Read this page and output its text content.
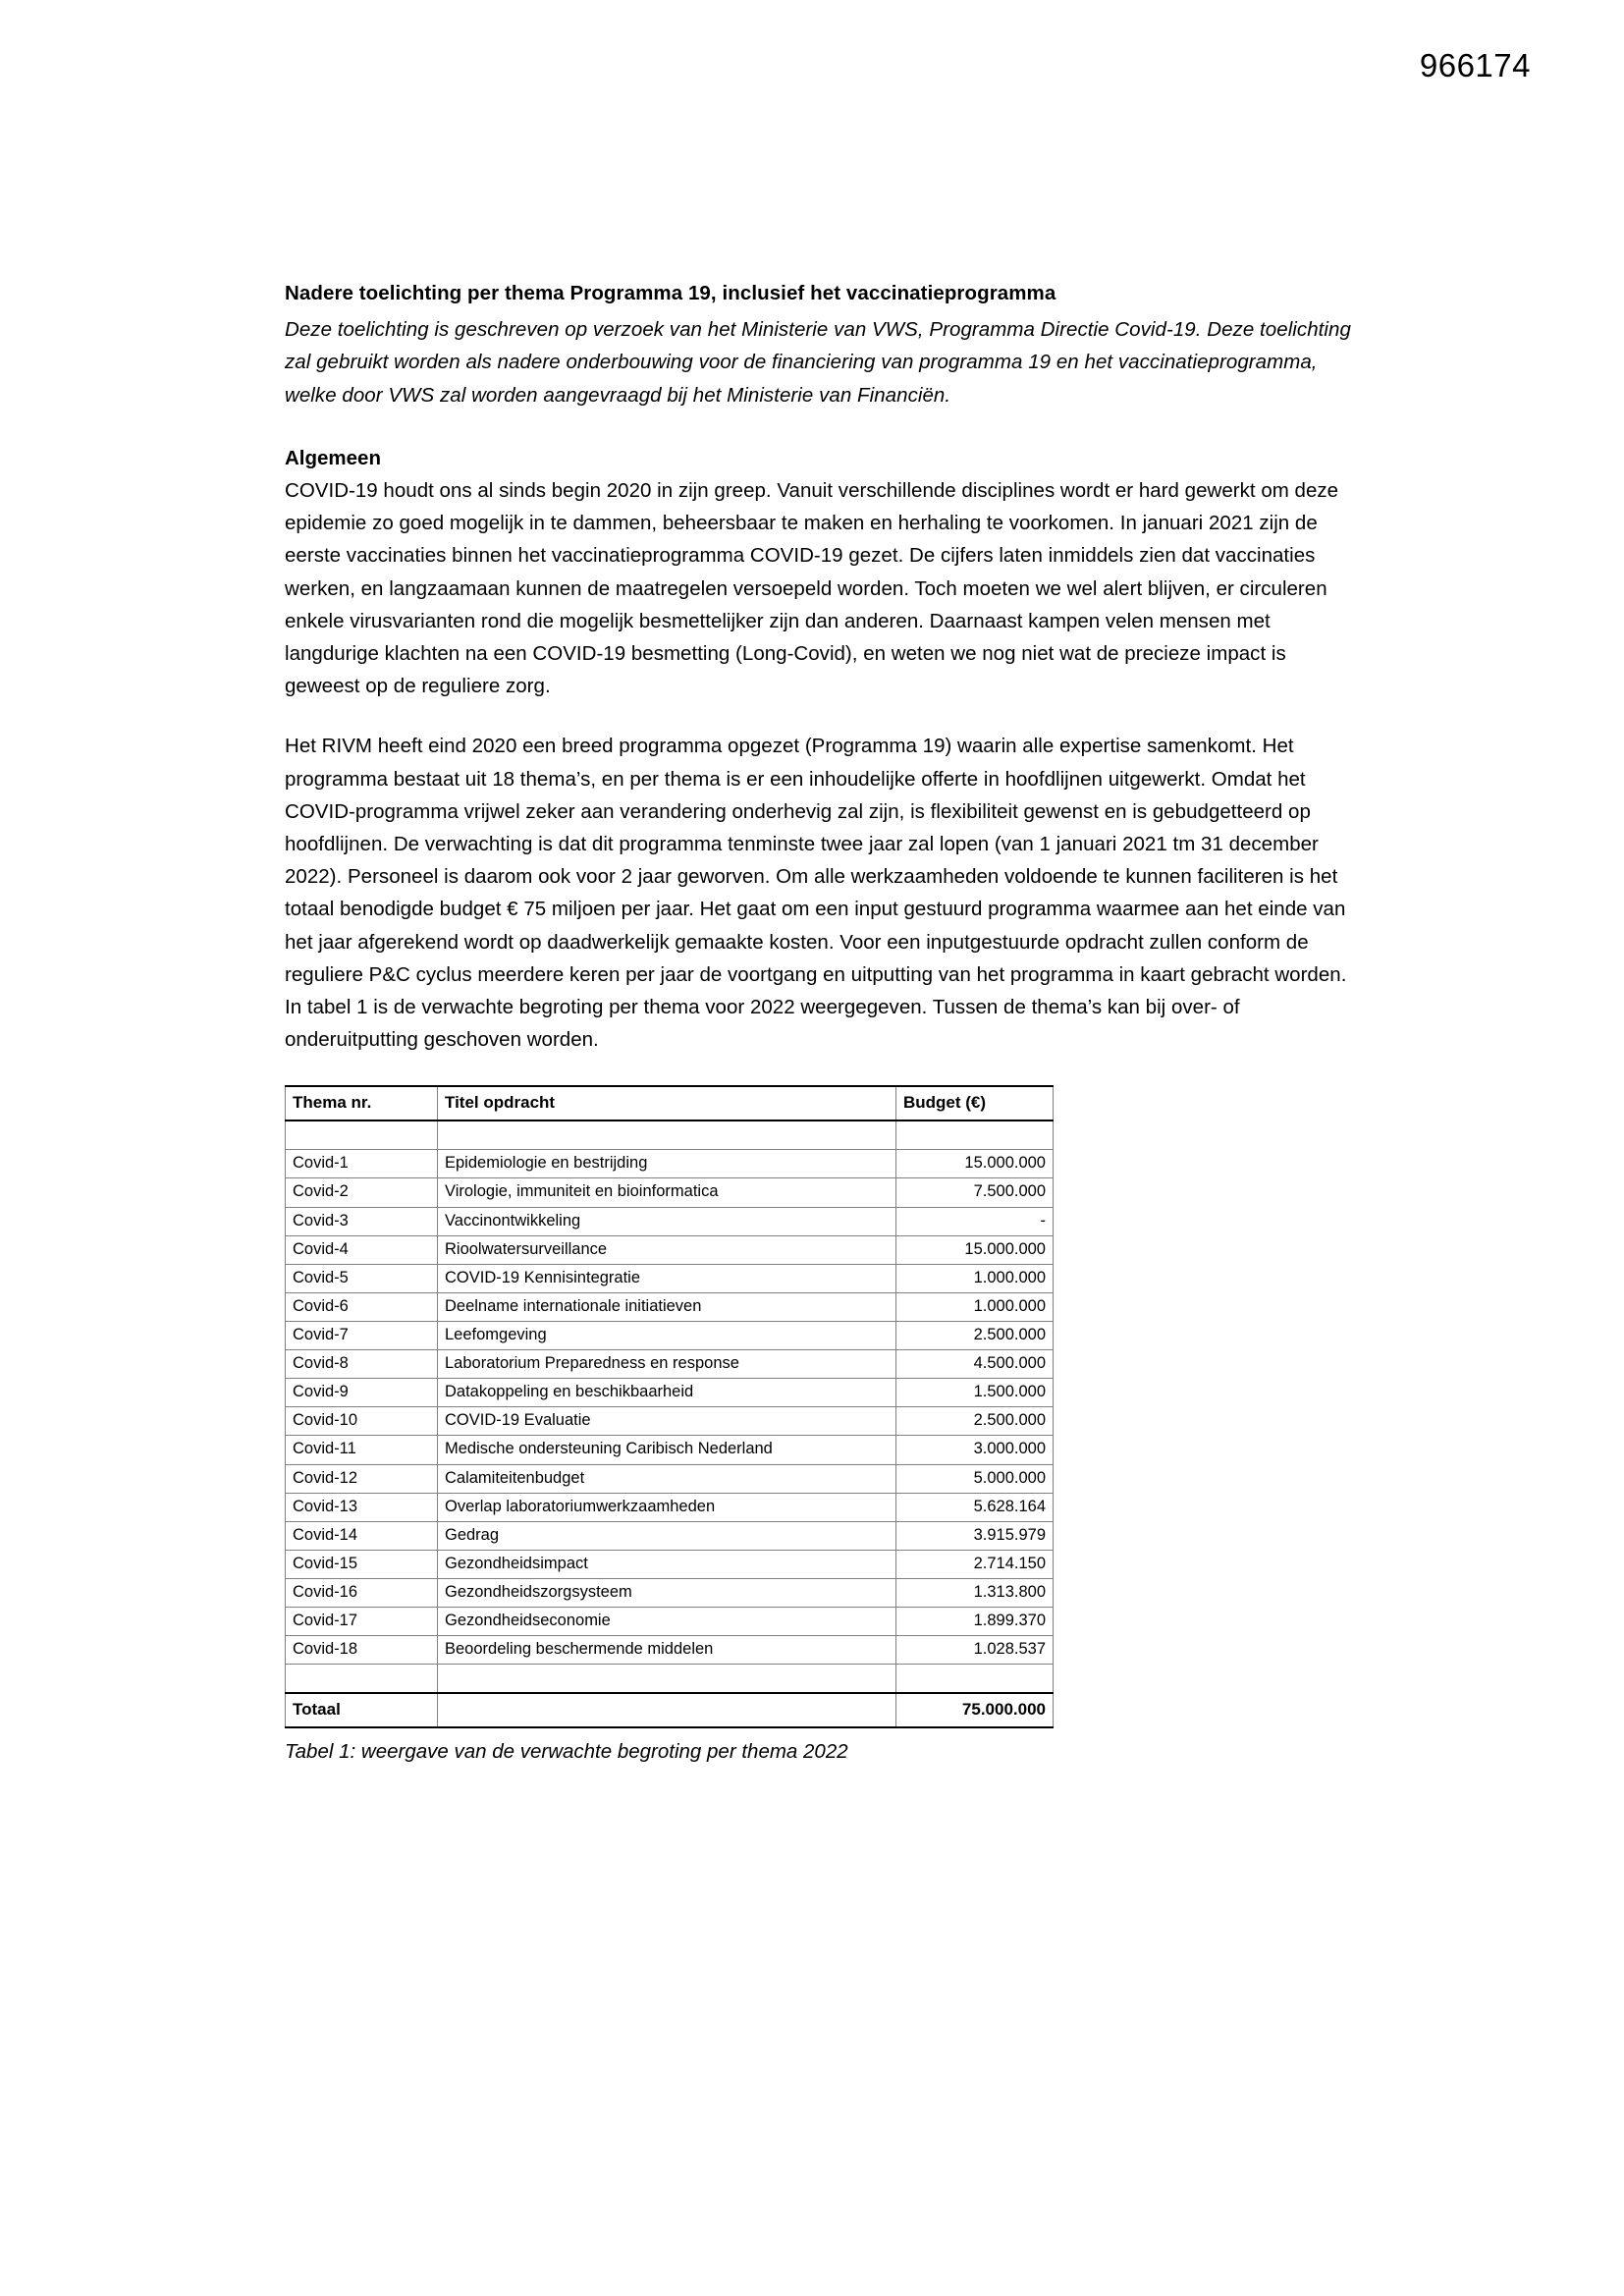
966174
Nadere toelichting per thema Programma 19, inclusief het vaccinatieprogramma

Deze toelichting is geschreven op verzoek van het Ministerie van VWS, Programma Directie Covid-19. Deze toelichting zal gebruikt worden als nadere onderbouwing voor de financiering van programma 19 en het vaccinatieprogramma, welke door VWS zal worden aangevraagd bij het Ministerie van Financiën.

Algemeen

COVID-19 houdt ons al sinds begin 2020 in zijn greep. Vanuit verschillende disciplines wordt er hard gewerkt om deze epidemie zo goed mogelijk in te dammen, beheersbaar te maken en herhaling te voorkomen. In januari 2021 zijn de eerste vaccinaties binnen het vaccinatieprogramma COVID-19 gezet. De cijfers laten inmiddels zien dat vaccinaties werken, en langzaamaan kunnen de maatregelen versoepeld worden. Toch moeten we wel alert blijven, er circuleren enkele virusvarianten rond die mogelijk besmettelijker zijn dan anderen. Daarnaast kampen velen mensen met langdurige klachten na een COVID-19 besmetting (Long-Covid), en weten we nog niet wat de precieze impact is geweest op de reguliere zorg.

Het RIVM heeft eind 2020 een breed programma opgezet (Programma 19) waarin alle expertise samenkomt. Het programma bestaat uit 18 thema’s, en per thema is er een inhoudelijke offerte in hoofdlijnen uitgewerkt. Omdat het COVID-programma vrijwel zeker aan verandering onderhevig zal zijn, is flexibiliteit gewenst en is gebudgetteerd op hoofdlijnen. De verwachting is dat dit programma tenminste twee jaar zal lopen (van 1 januari 2021 tm 31 december 2022). Personeel is daarom ook voor 2 jaar geworven. Om alle werkzaamheden voldoende te kunnen faciliteren is het totaal benodigde budget € 75 miljoen per jaar. Het gaat om een input gestuurd programma waarmee aan het einde van het jaar afgerekend wordt op daadwerkelijk gemaakte kosten. Voor een inputgestuurde opdracht zullen conform de reguliere P&C cyclus meerdere keren per jaar de voortgang en uitputting van het programma in kaart gebracht worden. In tabel 1 is de verwachte begroting per thema voor 2022 weergegeven. Tussen de thema’s kan bij over- of onderuitputting geschoven worden.

Thema nr.	Titel opdracht	Budget (€)

Covid-1	Epidemiologie en bestrijding	15.000.000
Covid-2	Virologie, immuniteit en bioinformatica	7.500.000
Covid-3	Vaccinontwikkeling	-
Covid-4	Rioolwatersurveillance	15.000.000
Covid-5	COVID-19 Kennisintegratie	1.000.000
Covid-6	Deelname internationale initiatieven	1.000.000
Covid-7	Leefomgeving	2.500.000
Covid-8	Laboratorium Preparedness en response	4.500.000
Covid-9	Datakoppeling en beschikbaarheid	1.500.000
Covid-10	COVID-19 Evaluatie	2.500.000
Covid-11	Medische ondersteuning Caribisch Nederland	3.000.000
Covid-12	Calamiteitenbudget	5.000.000
Covid-13	Overlap laboratoriumwerkzaamheden	5.628.164
Covid-14	Gedrag	3.915.979
Covid-15	Gezondheidsimpact	2.714.150
Covid-16	Gezondheidszorgsysteem	1.313.800
Covid-17	Gezondheidseconomie	1.899.370
Covid-18	Beoordeling beschermende middelen	1.028.537

Totaal		75.000.000

Tabel 1: weergave van de verwachte begroting per thema 2022
